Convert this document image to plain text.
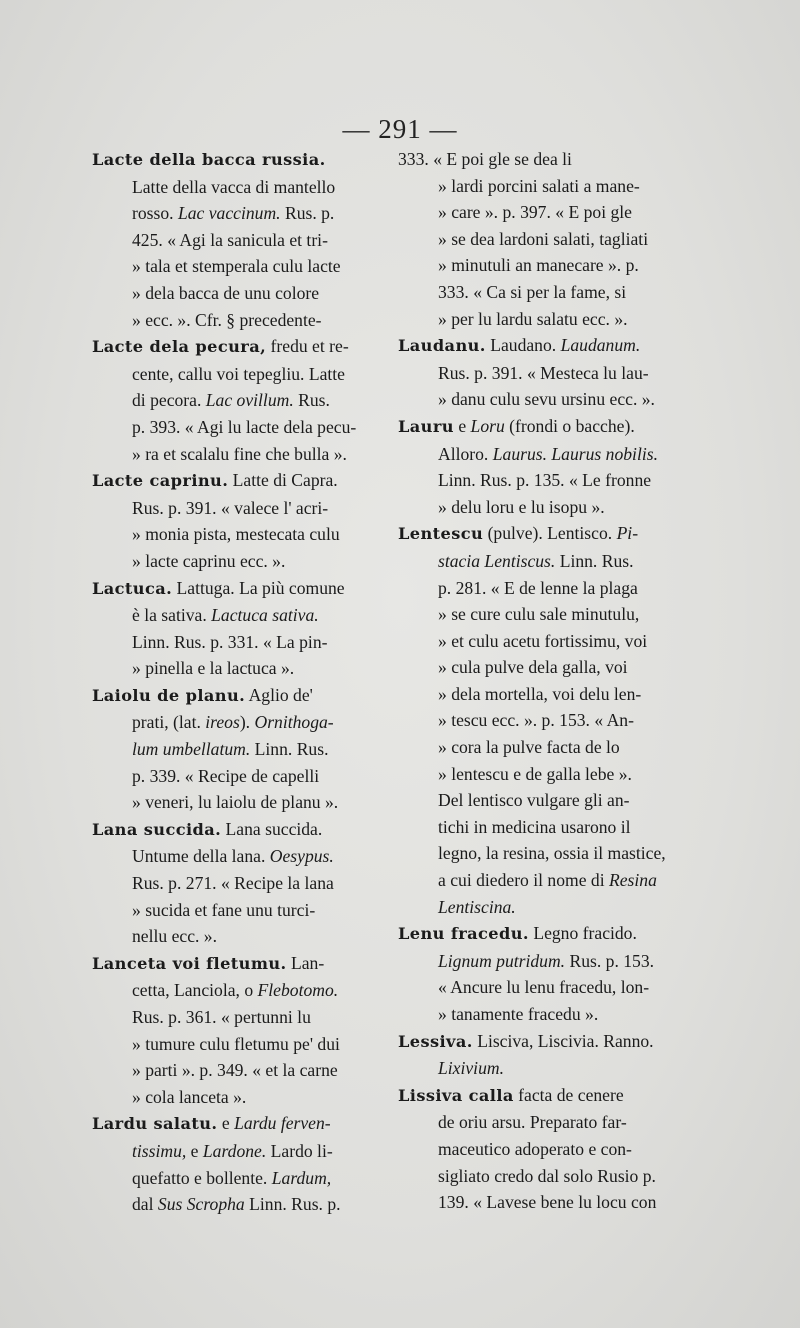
— 291 —
Lacte della bacca russia.
Latte della vacca di mantello
rosso. Lac vaccinum. Rus. p.
425. « Agi la sanicula et tri-
» tala et stemperala culu lacte
» dela bacca de unu colore
» ecc. ». Cfr. § precedente-
Lacte dela pecura, fredu et re-
cente, callu voi tepegliu. Latte
di pecora. Lac ovillum. Rus.
p. 393. « Agi lu lacte dela pecu-
» ra et scalalu fine che bulla ».
Lacte caprinu. Latte di Capra.
Rus. p. 391. « valece l' acri-
» monia pista, mestecata culu
» lacte caprinu ecc. ».
Lactuca. Lattuga. La più comune
è la sativa. Lactuca sativa.
Linn. Rus. p. 331. « La pin-
» pinella e la lactuca ».
Laiolu de planu. Aglio de'
prati, (lat. ireos). Ornithoga-
lum umbellatum. Linn. Rus.
p. 339. « Recipe de capelli
» veneri, lu laiolu de planu ».
Lana succida. Lana succida.
Untume della lana. Oesypus.
Rus. p. 271. « Recipe la lana
» sucida et fane unu turci-
nellu ecc. ».
Lanceta voi fletumu. Lan-
cetta, Lanciola, o Flebotomo.
Rus. p. 361. « pertunni lu
» tumure culu fletumu pe' dui
» parti ». p. 349. « et la carne
» cola lanceta ».
Lardu salatu. e Lardu ferven-
tissimu, e Lardone. Lardo li-
quefatto e bollente. Lardum,
dal Sus Scropha Linn. Rus. p.
333. « E poi gle se dea li
» lardi porcini salati a mane-
» care ». p. 397. « E poi gle
» se dea lardoni salati, tagliati
» minutuli an manecare ». p.
333. « Ca si per la fame, si
» per lu lardu salatu ecc. ».
Laudanu. Laudano. Laudanum.
Rus. p. 391. « Mesteca lu lau-
» danu culu sevu ursinu ecc. ».
Lauru e Loru (frondi o bacche).
Alloro. Laurus. Laurus nobilis.
Linn. Rus. p. 135. « Le fronne
» delu loru e lu isopu ».
Lentescu (pulve). Lentisco. Pi-
stacia Lentiscus. Linn. Rus.
p. 281. « E de lenne la plaga
» se cure culu sale minutulu,
» et culu acetu fortissimu, voi
» cula pulve dela galla, voi
» dela mortella, voi delu len-
» tescu ecc. ». p. 153. « An-
» cora la pulve facta de lo
» lentescu e de galla lebe ».
Del lentisco vulgare gli an-
tichi in medicina usarono il
legno, la resina, ossia il mastice,
a cui diedero il nome di Resina
Lentiscina.
Lenu fracedu. Legno fracido.
Lignum putridum. Rus. p. 153.
« Ancure lu lenu fracedu, lon-
» tanamente fracedu ».
Lessiva. Lisciva, Liscivia. Ranno.
Lixivium.
Lissiva calla facta de cenere
de oriu arsu. Preparato far-
maceutico adoperato e con-
sigliato credo dal solo Rusio p.
139. « Lavese bene lu locu con
